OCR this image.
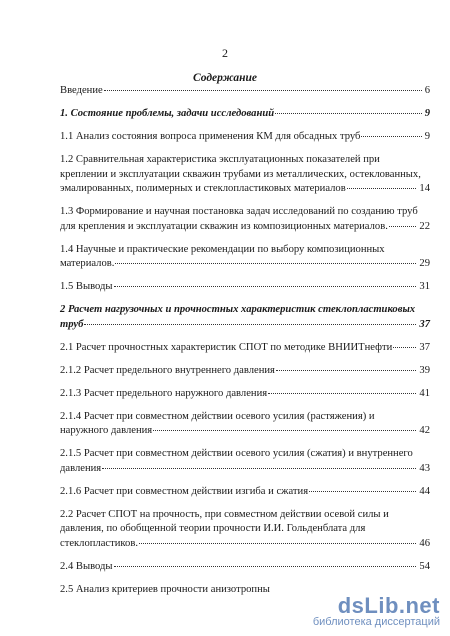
2
Содержание
Введение	6
1. Состояние проблемы, задачи исследований	9
1.1 Анализ состояния вопроса применения КМ для обсадных труб	9
1.2 Сравнительная характеристика эксплуатационных показателей при
креплении и эксплуатации скважин трубами из металлических, остеклованных,
эмалированных, полимерных и стеклопластиковых материалов	14
1.3 Формирование и научная постановка задач исследований по созданию труб
для крепления и эксплуатации скважин из композиционных материалов.	22
1.4 Научные и практические рекомендации по выбору композиционных
материалов.	29
1.5 Выводы	31
2 Расчет нагрузочных и прочностных характеристик стеклопластиковых
труб	37
2.1 Расчет прочностных характеристик СПОТ по методике ВНИИТнефти	37
2.1.2 Расчет предельного внутреннего давления	39
2.1.3 Расчет предельного наружного давления	41
2.1.4 Расчет при совместном действии осевого усилия (растяжения) и
наружного давления	42
2.1.5 Расчет при совместном действии осевого усилия (сжатия) и внутреннего
давления	43
2.1.6 Расчет при совместном действии изгиба и сжатия	44
2.2 Расчет СПОТ на прочность, при совместном действии осевой силы и
давления, по обобщенной теории прочности И.И. Гольденблата для
стеклопластиков.	46
2.4 Выводы	54
2.5 Анализ критериев прочности анизотропны
dsLib.net
библиотека диссертаций
